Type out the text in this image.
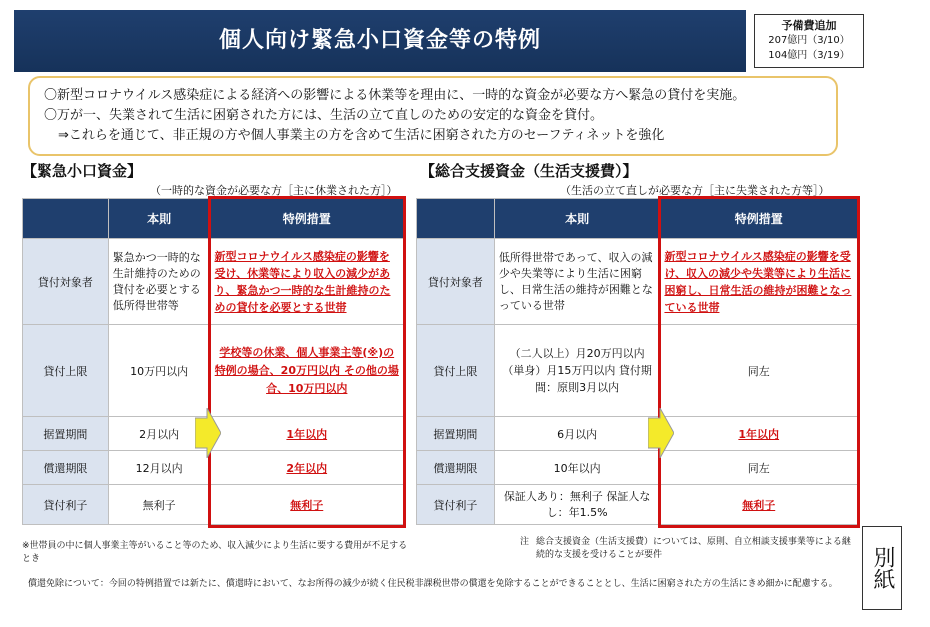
個人向け緊急小口資金等の特例
予備費追加
207億円（3/10）
104億円（3/19）
〇新型コロナウイルス感染症による経済への影響による休業等を理由に、一時的な資金が必要な方へ緊急の貸付を実施。
〇万が一、失業されて生活に困窮された方には、生活の立て直しのための安定的な資金を貸付。
⇒これらを通じて、非正規の方や個人事業主の方を含めて生活に困窮された方のセーフティネットを強化
【緊急小口資金】
（一時的な資金が必要な方［主に休業された方］）
	本則	特例措置
貸付対象者	緊急かつ一時的な生計維持のための貸付を必要とする低所得世帯等	新型コロナウイルス感染症の影響を受け、休業等により収入の減少があり、緊急かつ一時的な生計維持のための貸付を必要とする世帯
貸付上限	10万円以内	学校等の休業、個人事業主等(※)の特例の場合、20万円以内 その他の場合、10万円以内
据置期間	2月以内	1年以内
償還期限	12月以内	2年以内
貸付利子	無利子	無利子
※世帯員の中に個人事業主等がいること等のため、収入減少により生活に要する費用が不足するとき
【総合支援資金（生活支援費）】
（生活の立て直しが必要な方［主に失業された方等］）
	本則	特例措置
貸付対象者	低所得世帯であって、収入の減少や失業等により生活に困窮し、日常生活の維持が困難となっている世帯	新型コロナウイルス感染症の影響を受け、収入の減少や失業等により生活に困窮し、日常生活の維持が困難となっている世帯
貸付上限	（二人以上）月20万円以内 （単身）月15万円以内 貸付期間：原則3月以内	同左
据置期間	6月以内	1年以内
償還期限	10年以内	同左
貸付利子	保証人あり：無利子 保証人なし：年1.5%	無利子
注 総合支援資金（生活支援費）については、原則、自立相談支援事業等による継続的な支援を受けることが要件
償還免除について：今回の特例措置では新たに、償還時において、なお所得の減少が続く住民税非課税世帯の償還を免除することができることとし、生活に困窮された方の生活にきめ細かに配慮する。	別紙
